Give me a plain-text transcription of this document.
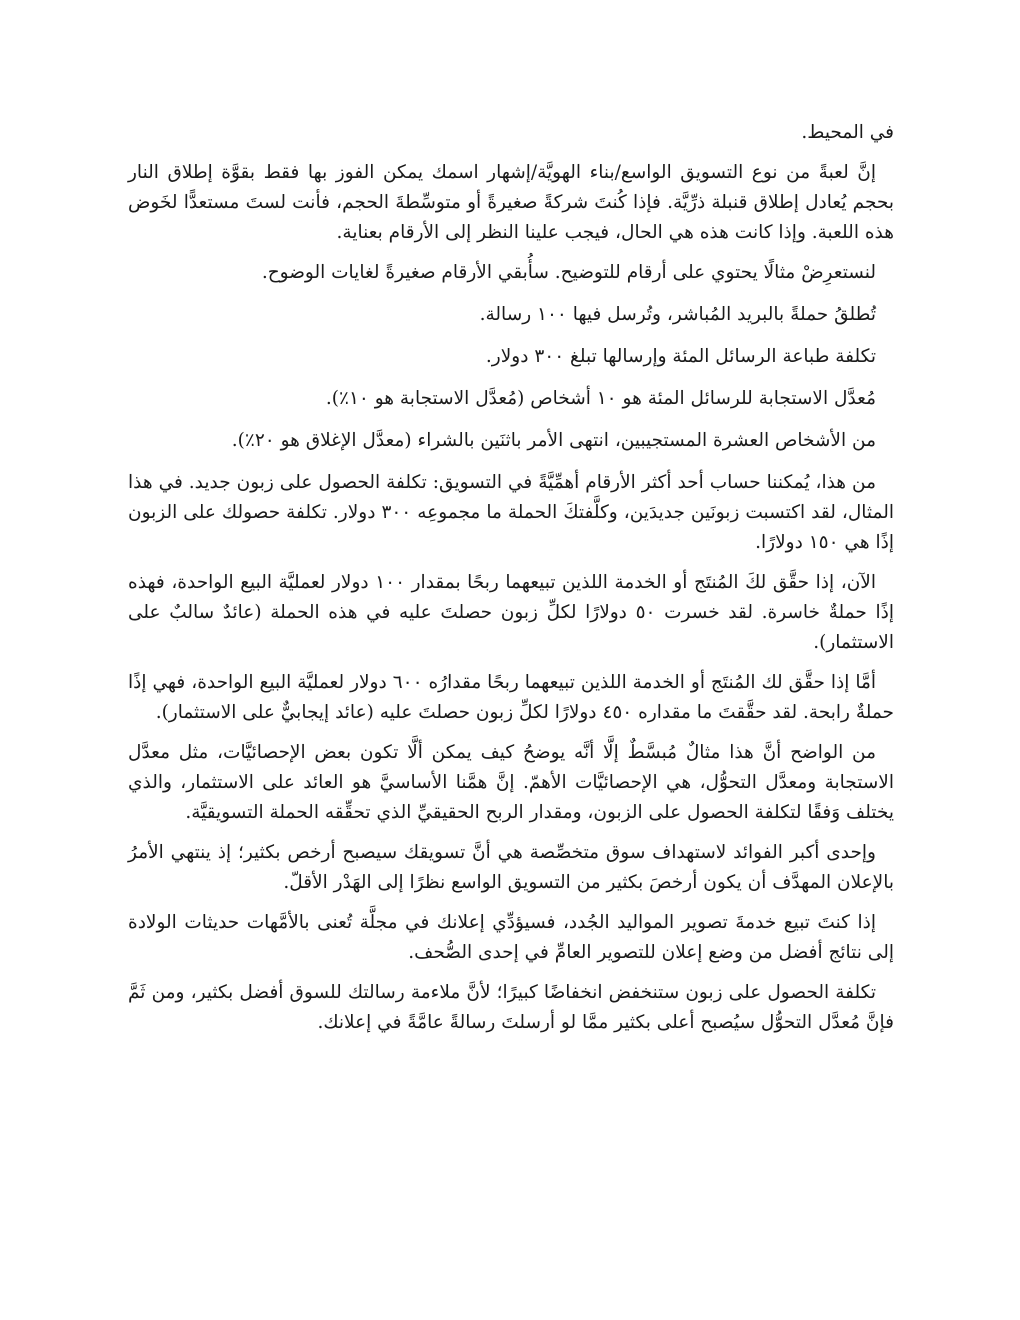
في المحيط.

إنَّ لعبةً من نوع التسويق الواسع/بناء الهويَّة/إشهار اسمك يمكن الفوز بها فقط بقوَّة إطلاق النار بحجم يُعادل إطلاق قنبلة ذرِّيَّة. فإذا كُنتَ شركةً صغيرةً أو متوسِّطةَ الحجم، فأنت لستَ مستعدًّا لخَوض هذه اللعبة. وإذا كانت هذه هي الحال، فيجب علينا النظر إلى الأرقام بعناية.

لنستعرِضْ مثالًا يحتوي على أرقام للتوضيح. سأُبقي الأرقام صغيرةً لغايات الوضوح.

تُطلقُ حملةً بالبريد المُباشر، وتُرسل فيها ١٠٠ رسالة.

تكلفة طباعة الرسائل المئة وإرسالها تبلغ ٣٠٠ دولار.

مُعدَّل الاستجابة للرسائل المئة هو ١٠ أشخاص (مُعدَّل الاستجابة هو ١٠٪).

من الأشخاص العشرة المستجيبين، انتهى الأمر باثنَين بالشراء (معدَّل الإغلاق هو ٢٠٪).

من هذا، يُمكننا حساب أحد أكثر الأرقام أهمِّيَّةً في التسويق: تكلفة الحصول على زبون جديد. في هذا المثال، لقد اكتسبت زبونَين جديدَين، وكلَّفتكَ الحملة ما مجموعِه ٣٠٠ دولار. تكلفة حصولك على الزبون إذًا هي ١٥٠ دولارًا.

الآن، إذا حقَّق لكَ المُنتَج أو الخدمة اللذين تبيعهما ربحًا بمقدار ١٠٠ دولار لعمليَّة البيع الواحدة، فهذه إذًا حملةٌ خاسرة. لقد خسرت ٥٠ دولارًا لكلِّ زبون حصلتَ عليه في هذه الحملة (عائدٌ سالبٌ على الاستثمار).

أمَّا إذا حقَّق لك المُنتَج أو الخدمة اللذين تبيعهما ربحًا مقدارُه ٦٠٠ دولار لعمليَّة البيع الواحدة، فهي إذًا حملةٌ رابحة. لقد حقَّقتَ ما مقداره ٤٥٠ دولارًا لكلِّ زبون حصلتَ عليه (عائد إيجابيٌّ على الاستثمار).

من الواضح أنَّ هذا مثالٌ مُبسَّطٌ إلَّا أنَّه يوضحُ كيف يمكن ألَّا تكون بعض الإحصائيَّات، مثل معدَّل الاستجابة ومعدَّل التحوُّل، هي الإحصائيَّات الأهمّ. إنَّ همَّنا الأساسيَّ هو العائد على الاستثمار، والذي يختلف وَفقًا لتكلفة الحصول على الزبون، ومقدار الربح الحقيقيِّ الذي تحقِّقه الحملة التسويقيَّة.

وإحدى أكبر الفوائد لاستهداف سوق متخصِّصة هي أنَّ تسويقك سيصبح أرخص بكثير؛ إذ ينتهي الأمرُ بالإعلان المهدَّف أن يكون أرخصَ بكثير من التسويق الواسع نظرًا إلى الهَدْر الأقلّ.

إذا كنتَ تبيع خدمةَ تصوير المواليد الجُدد، فسيؤدِّي إعلانك في مجلَّة تُعنى بالأمَّهات حديثات الولادة إلى نتائج أفضل من وضع إعلان للتصوير العامِّ في إحدى الصُّحف.

تكلفة الحصول على زبون ستنخفض انخفاضًا كبيرًا؛ لأنَّ ملاءمة رسالتك للسوق أفضل بكثير، ومن ثَمَّ فإنَّ مُعدَّل التحوُّل سيُصبح أعلى بكثير ممَّا لو أرسلتَ رسالةً عامَّةً في إعلانك.
